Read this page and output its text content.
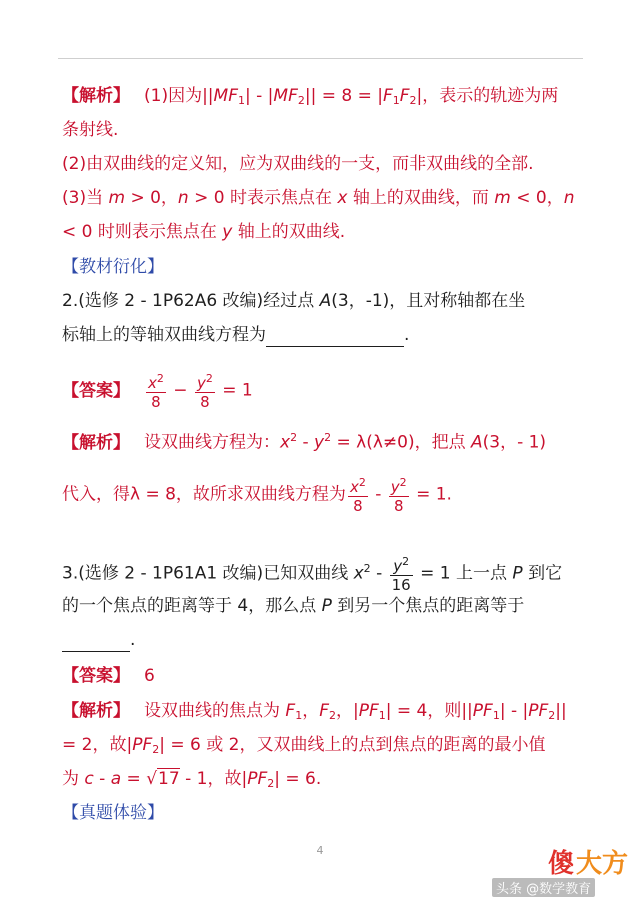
【解析】 (1)因为$||MF_1| - |MF_2|| = 8 = |F_1F_2|$，表示的轨迹为两
条射线.
(2)由双曲线的定义知，应为双曲线的一支，而非双曲线的全部.
(3)当 m > 0，n > 0 时表示焦点在 x 轴上的双曲线，而 m < 0，n
< 0 时则表示焦点在 y 轴上的双曲线.
【教材衍化】
2.(选修 2 - 1P62A6 改编)经过点 A(3，-1)，且对称轴都在坐
标轴上的等轴双曲线方程为	.
【答案】 $\frac{x^2}{8} - \frac{y^2}{8} = 1$
【解析】 设双曲线方程为：$x^2 - y^2 = \lambda(\lambda\ne 0)$，把点 A(3，- 1)
代入，得λ = 8，故所求双曲线方程为 $\frac{x^2}{8} - \frac{y^2}{8} = 1$.
3.(选修 2 - 1P61A1 改编)已知双曲线 $x^2 - \frac{y^2}{16} = 1$ 上一点 P 到它
的一个焦点的距离等于 4，那么点 P 到另一个焦点的距离等于
.
【答案】 6
【解析】 设双曲线的焦点为 $F_1$，$F_2$，$|PF_1| = 4$，则$||PF_1| - |PF_2||$
= 2，故$|PF_2| = 6$ 或 2，又双曲线上的点到焦点的距离的最小值
为 c - a = √17 - 1，故$|PF_2| = 6$.
【真题体验】
4	傻 大方
头条 @数学教育
